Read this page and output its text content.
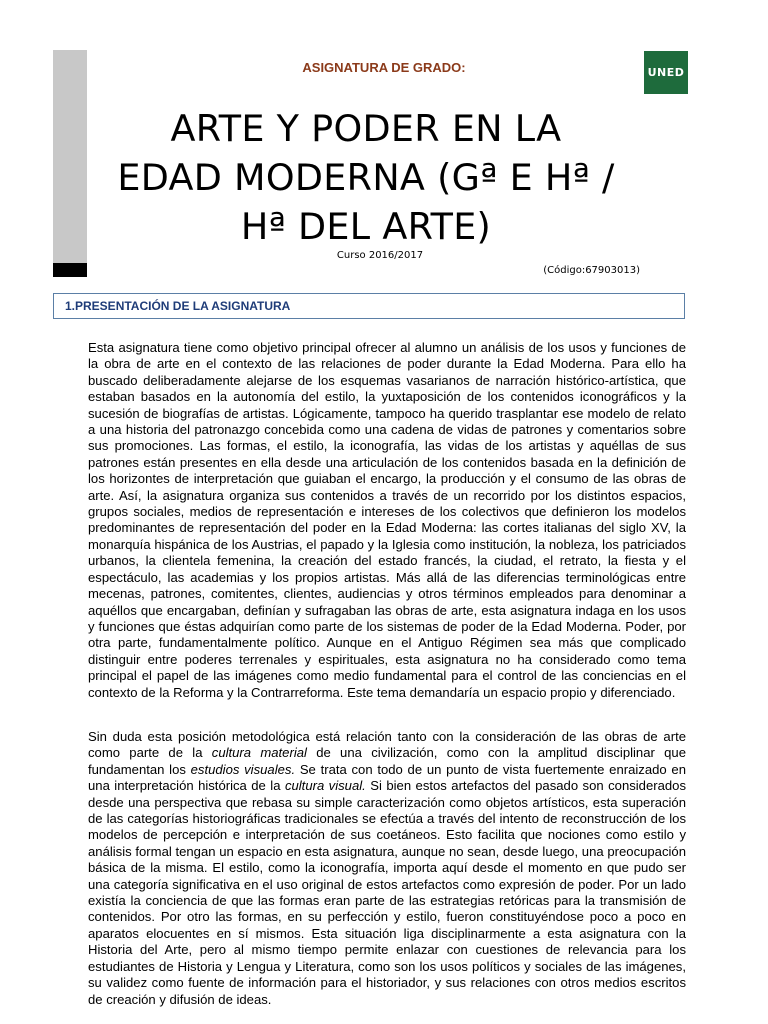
UNED
ASIGNATURA DE GRADO:
ARTE Y PODER EN LA
EDAD MODERNA (Gª E Hª /
Hª DEL ARTE)
Curso 2016/2017
(Código:67903013)
1.PRESENTACIÓN DE LA ASIGNATURA

Esta asignatura tiene como objetivo principal ofrecer al alumno un análisis de los usos y funciones de la obra de arte en el contexto de las relaciones de poder durante la Edad Moderna. Para ello ha buscado deliberadamente alejarse de los esquemas vasarianos de narración histórico-artística, que estaban basados en la autonomía del estilo, la yuxtaposición de los contenidos iconográficos y la sucesión de biografías de artistas. Lógicamente, tampoco ha querido trasplantar ese modelo de relato a una historia del patronazgo concebida como una cadena de vidas de patrones y comentarios sobre sus promociones. Las formas, el estilo, la iconografía, las vidas de los artistas y aquéllas de sus patrones están presentes en ella desde una articulación de los contenidos basada en la definición de los horizontes de interpretación que guiaban el encargo, la producción y el consumo de las obras de arte. Así, la asignatura organiza sus contenidos a través de un recorrido por los distintos espacios, grupos sociales, medios de representación e intereses de los colectivos que definieron los modelos predominantes de representación del poder en la Edad Moderna: las cortes italianas del siglo XV, la monarquía hispánica de los Austrias, el papado y la Iglesia como institución, la nobleza, los patriciados urbanos, la clientela femenina, la creación del estado francés, la ciudad, el retrato, la fiesta y el espectáculo, las academias y los propios artistas. Más allá de las diferencias terminológicas entre mecenas, patrones, comitentes, clientes, audiencias y otros términos empleados para denominar a aquéllos que encargaban, definían y sufragaban las obras de arte, esta asignatura indaga en los usos y funciones que éstas adquirían como parte de los sistemas de poder de la Edad Moderna. Poder, por otra parte, fundamentalmente político. Aunque en el Antiguo Régimen sea más que complicado distinguir entre poderes terrenales y espirituales, esta asignatura no ha considerado como tema principal el papel de las imágenes como medio fundamental para el control de las conciencias en el contexto de la Reforma y la Contrarreforma. Este tema demandaría un espacio propio y diferenciado.

Sin duda esta posición metodológica está relación tanto con la consideración de las obras de arte como parte de la cultura material de una civilización, como con la amplitud disciplinar que fundamentan los estudios visuales. Se trata con todo de un punto de vista fuertemente enraizado en una interpretación histórica de la cultura visual. Si bien estos artefactos del pasado son considerados desde una perspectiva que rebasa su simple caracterización como objetos artísticos, esta superación de las categorías historiográficas tradicionales se efectúa a través del intento de reconstrucción de los modelos de percepción e interpretación de sus coetáneos. Esto facilita que nociones como estilo y análisis formal tengan un espacio en esta asignatura, aunque no sean, desde luego, una preocupación básica de la misma. El estilo, como la iconografía, importa aquí desde el momento en que pudo ser una categoría significativa en el uso original de estos artefactos como expresión de poder. Por un lado existía la conciencia de que las formas eran parte de las estrategias retóricas para la transmisión de contenidos. Por otro las formas, en su perfección y estilo, fueron constituyéndose poco a poco en aparatos elocuentes en sí mismos. Esta situación liga disciplinarmente a esta asignatura con la Historia del Arte, pero al mismo tiempo permite enlazar con cuestiones de relevancia para los estudiantes de Historia y Lengua y Literatura, como son los usos políticos y sociales de las imágenes, su validez como fuente de información para el historiador, y sus relaciones con otros medios escritos de creación y difusión de ideas.
